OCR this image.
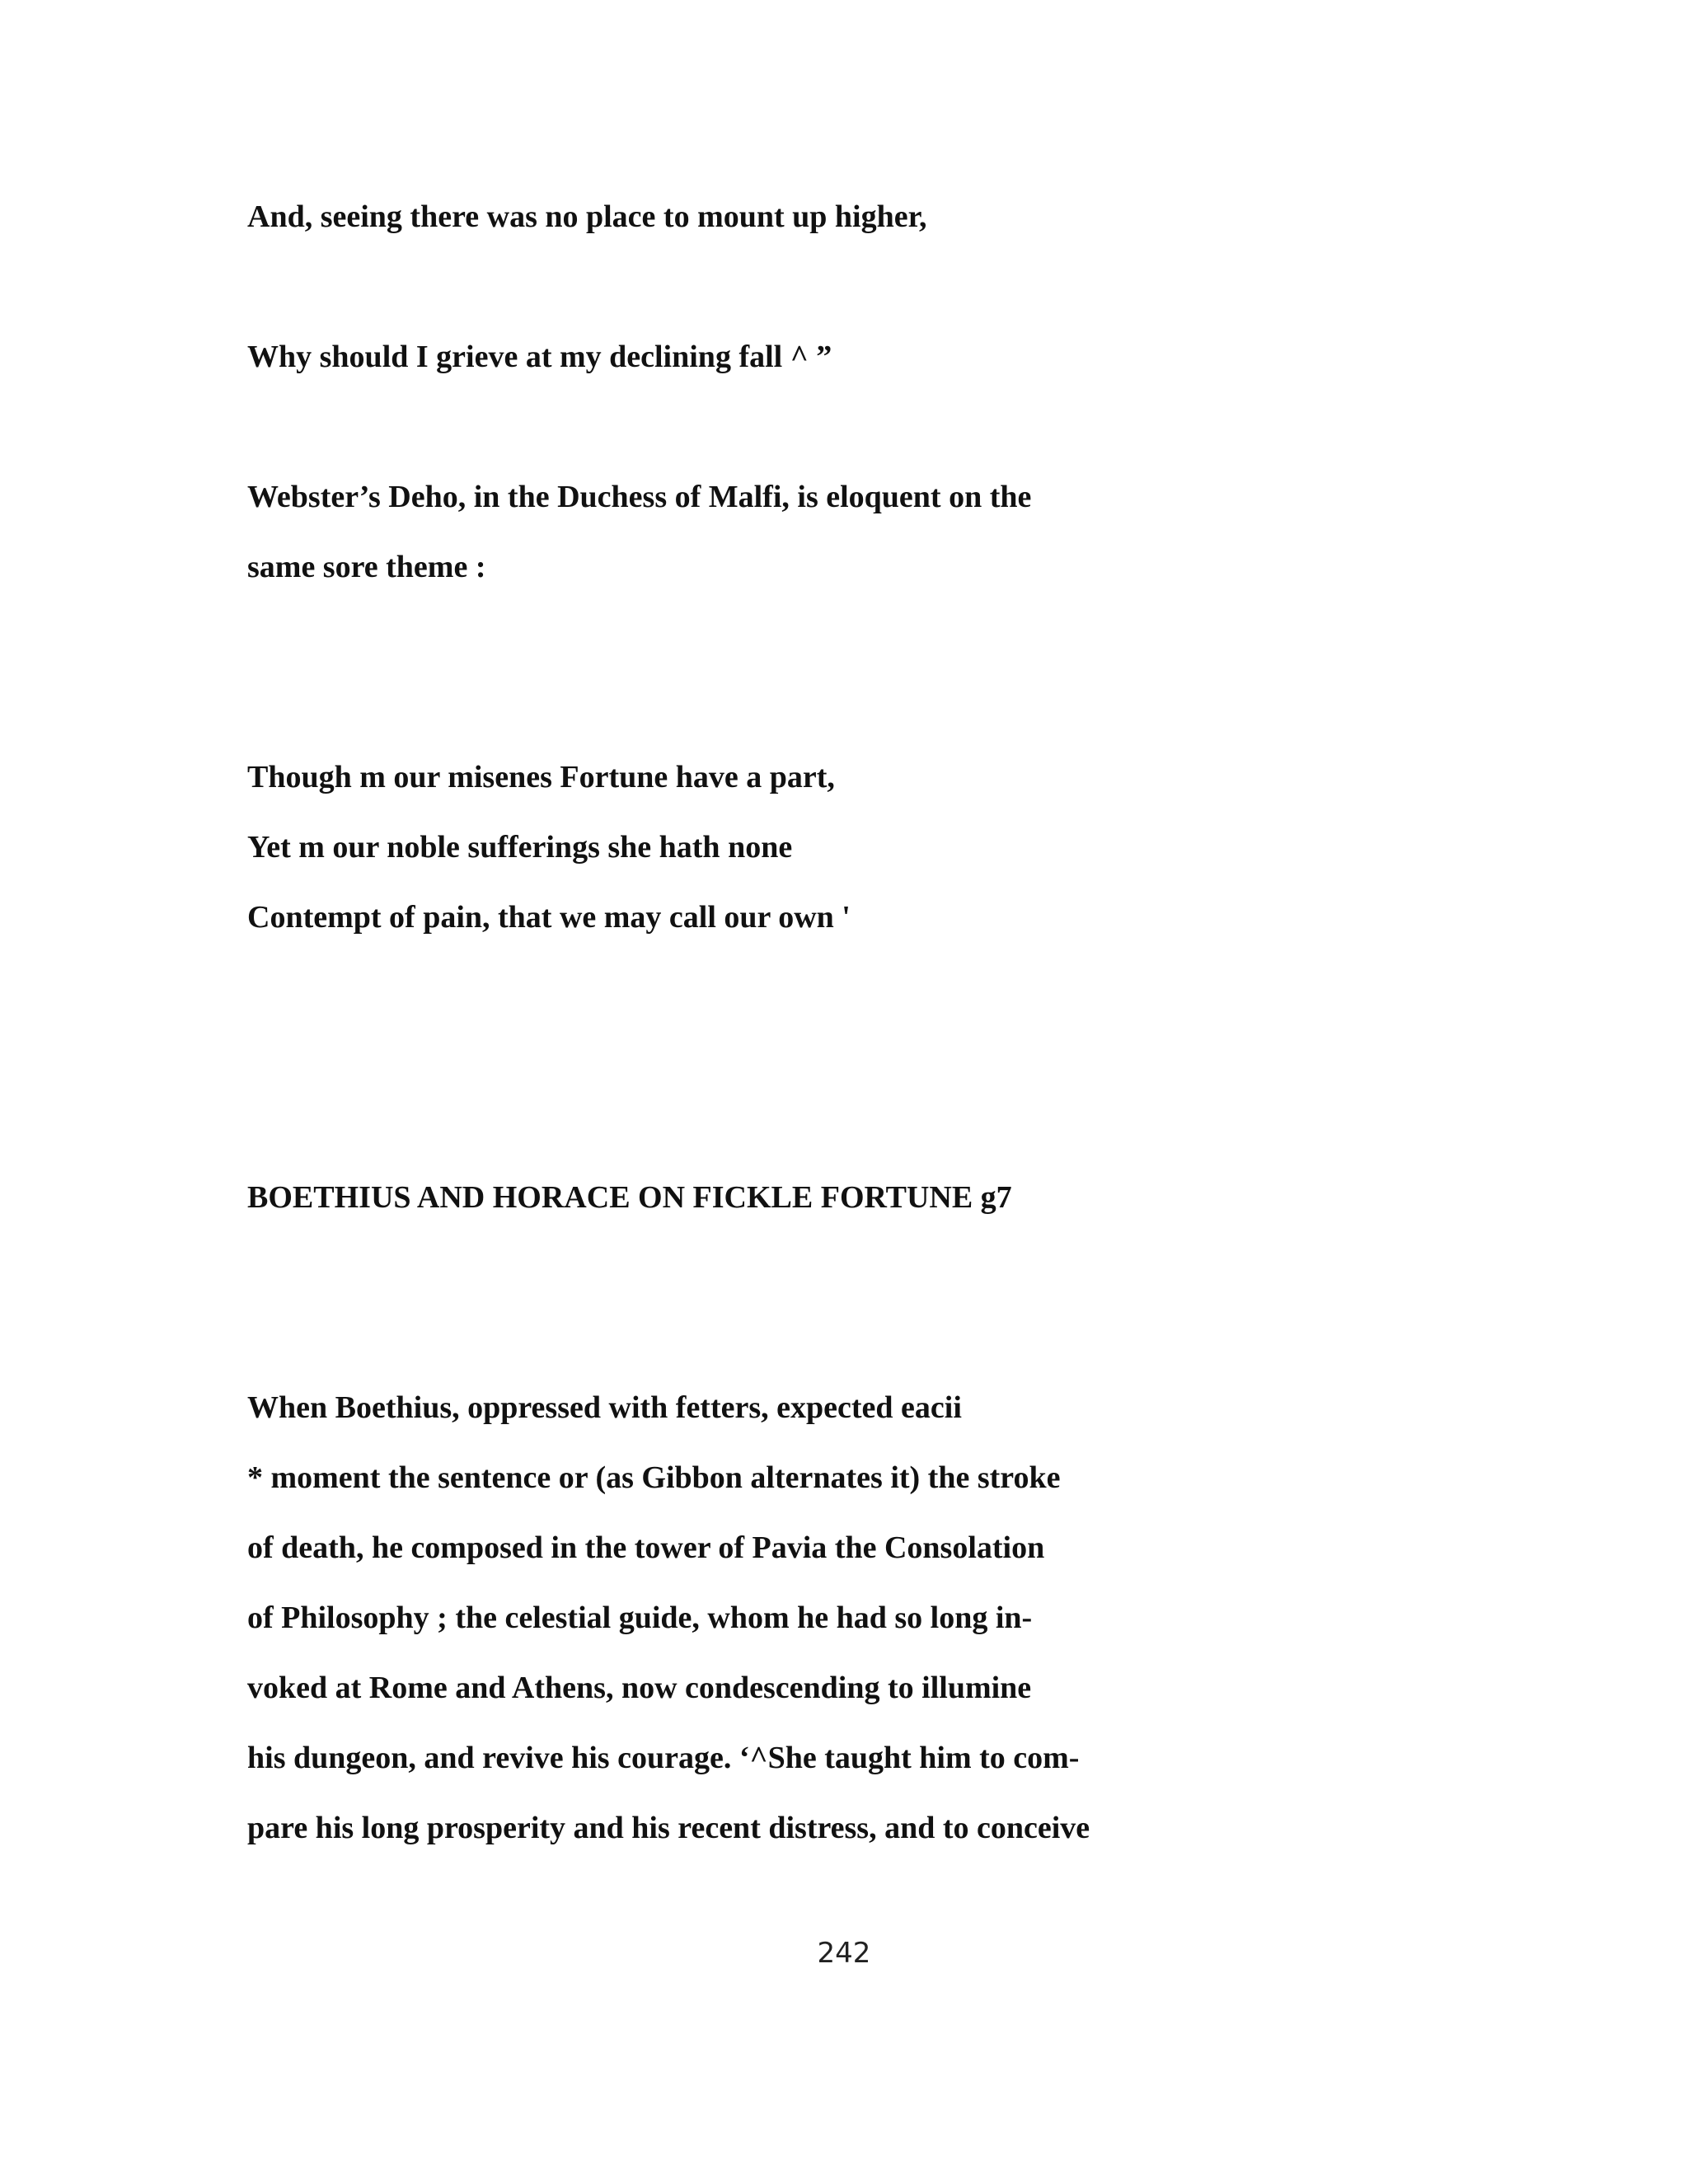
And, seeing there was no place to mount up higher,
Why should I grieve at my declining fall ^ ”
Webster’s Deho, in the Duchess of Malfi, is eloquent on the
same sore theme :
Though m our misenes Fortune have a part,
Yet m our noble sufferings she hath none
Contempt of pain, that we may call our own '
BOETHIUS AND HORACE ON FICKLE FORTUNE g7
When Boethius, oppressed with fetters, expected eacii
* moment the sentence or (as Gibbon alternates it) the stroke
of death, he composed in the tower of Pavia the Consolation
of Philosophy ; the celestial guide, whom he had so long in-
voked at Rome and Athens, now condescending to illumine
his dungeon, and revive his courage. ‘^She taught him to com-
pare his long prosperity and his recent distress, and to conceive
242
